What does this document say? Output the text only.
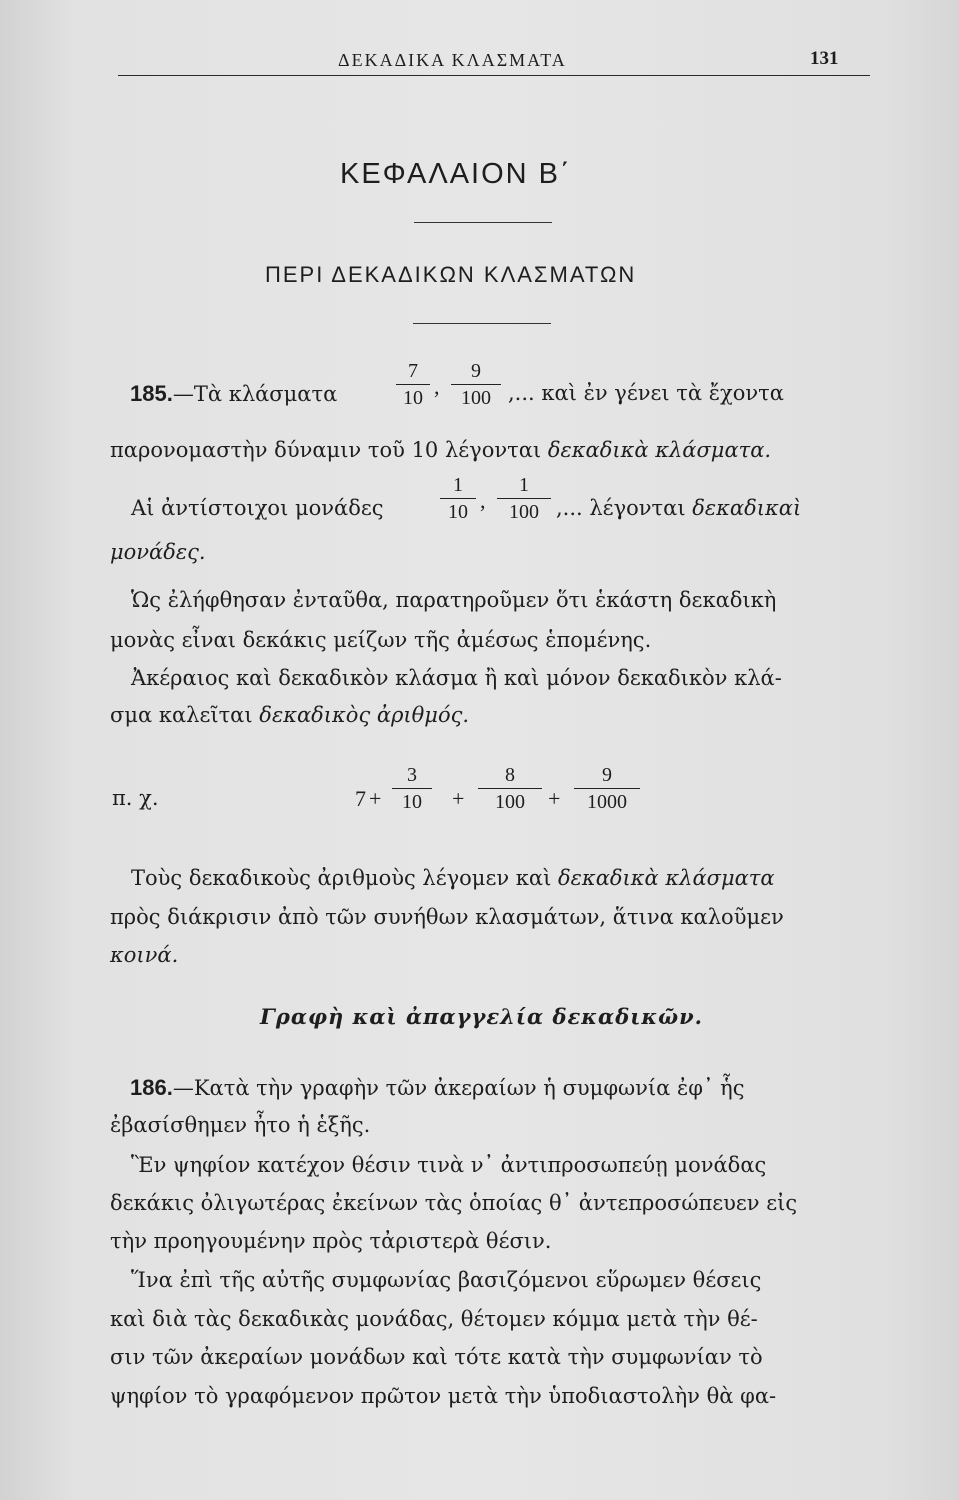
ΔΕΚΑΔΙΚΑ ΚΛΑΣΜΑΤΑ	131
ΚΕΦΑΛΑΙΟΝ Β΄
ΠΕΡΙ ΔΕΚΑΔΙΚΩΝ ΚΛΑΣΜΑΤΩΝ
185.—Τὰ κλάσματα
7
10 ,
9
100 ,... καὶ ἐν γένει τὰ ἔχοντα
παρονομαστὴν δύναμιν τοῦ 10 λέγονται δεκαδικὰ κλάσματα.
Αἱ ἀντίστοιχοι μονάδες
1
10 ,
1
100 ,... λέγονται δεκαδικαὶ
μονάδες.
Ὡς ἐλήφθησαν ἐνταῦθα, παρατηροῦμεν ὅτι ἑκάστη δεκαδικὴ
μονὰς εἶναι δεκάκις μείζων τῆς ἀμέσως ἑπομένης.
Ἀκέραιος καὶ δεκαδικὸν κλάσμα ἢ καὶ μόνον δεκαδικὸν κλά-
σμα καλεῖται δεκαδικὸς ἀριθμός.
π. χ.	7 +
3
10	+
8
100	+
9
1000
Τοὺς δεκαδικοὺς ἀριθμοὺς λέγομεν καὶ δεκαδικὰ κλάσματα
πρὸς διάκρισιν ἀπὸ τῶν συνήθων κλασμάτων, ἅτινα καλοῦμεν
κοινά.
Γραφὴ καὶ ἀπαγγελία δεκαδικῶν.
186.—Κατὰ τὴν γραφὴν τῶν ἀκεραίων ἡ συμφωνία ἐφ᾿ ἧς
ἐβασίσθημεν ἦτο ἡ ἑξῆς.
Ἓν ψηφίον κατέχον θέσιν τινὰ ν᾿ ἀντιπροσωπεύῃ μονάδας
δεκάκις ὀλιγωτέρας ἐκείνων τὰς ὁποίας θ᾿ ἀντεπροσώπευεν εἰς
τὴν προηγουμένην πρὸς τἀριστερὰ θέσιν.
Ἵνα ἐπὶ τῆς αὐτῆς συμφωνίας βασιζόμενοι εὕρωμεν θέσεις
καὶ διὰ τὰς δεκαδικὰς μονάδας, θέτομεν κόμμα μετὰ τὴν θέ-
σιν τῶν ἀκεραίων μονάδων καὶ τότε κατὰ τὴν συμφωνίαν τὸ
ψηφίον τὸ γραφόμενον πρῶτον μετὰ τὴν ὑποδιαστολὴν θὰ φα-
